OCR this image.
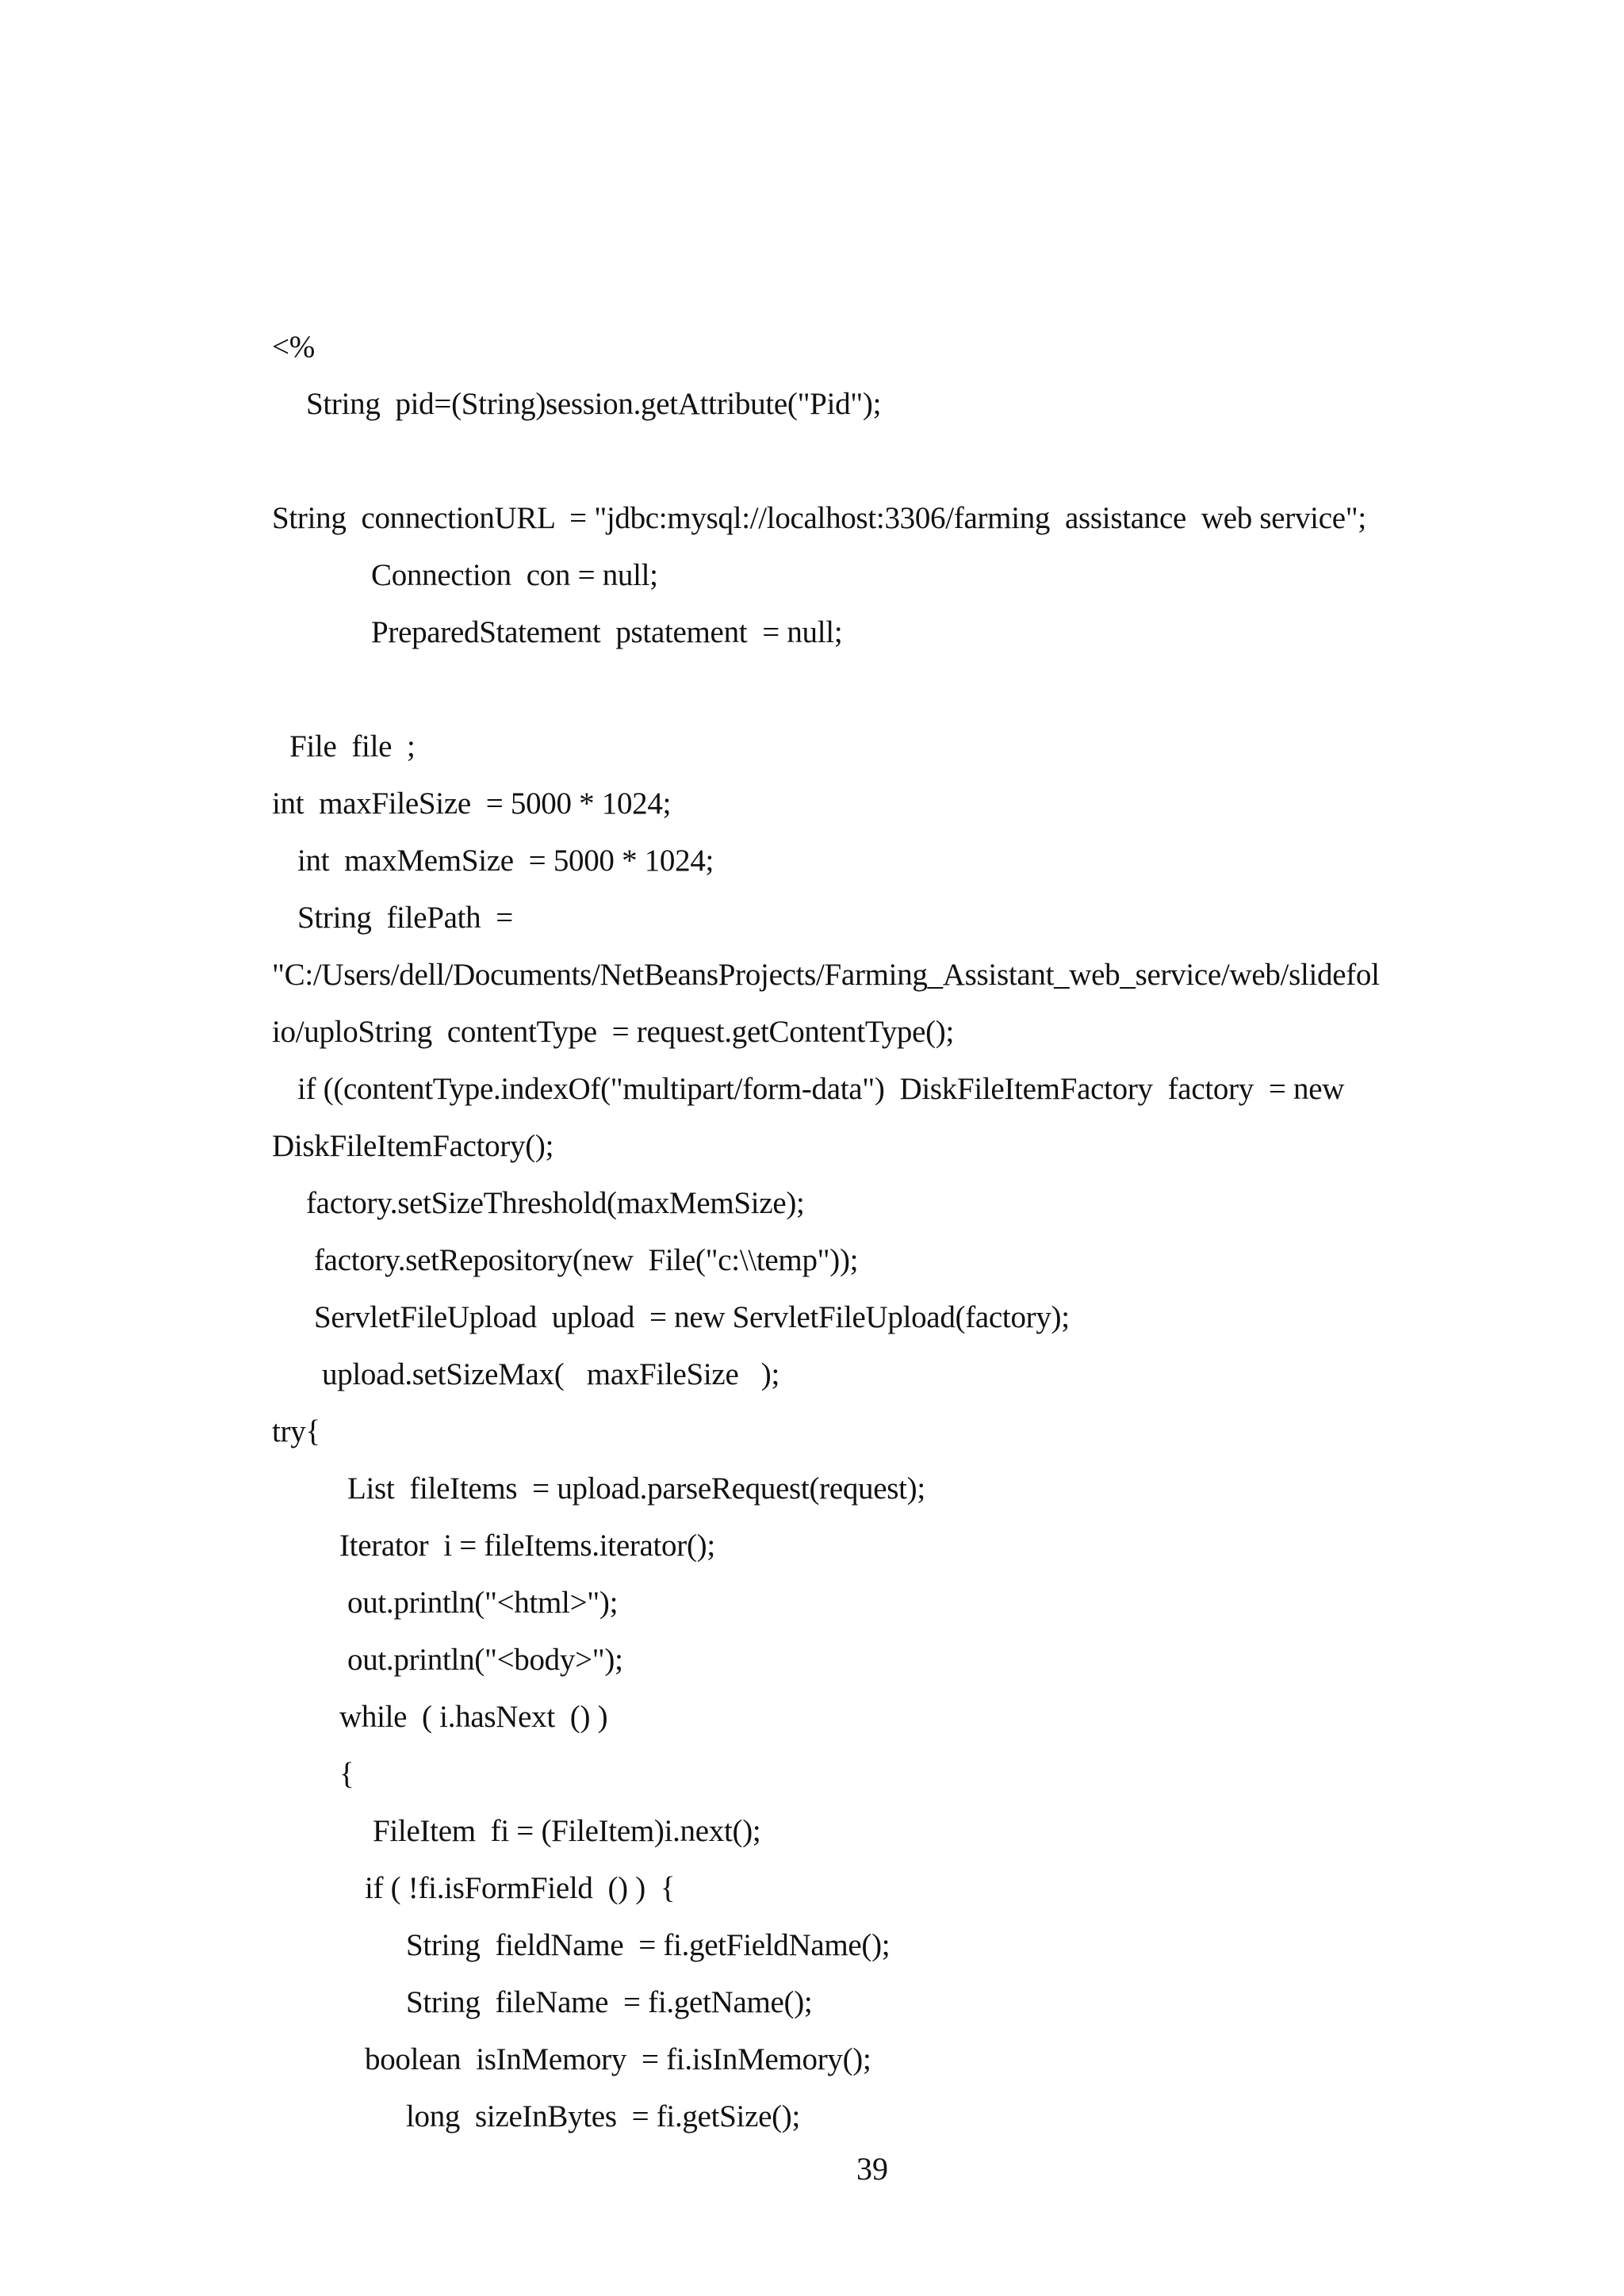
<%
String  pid=(String)session.getAttribute("Pid");
String  connectionURL  = "jdbc:mysql://localhost:3306/farming  assistance  web service";
Connection  con = null;
PreparedStatement  pstatement  = null;
File  file  ;
int  maxFileSize  = 5000 * 1024;
int  maxMemSize  = 5000 * 1024;
String  filePath  =
"C:/Users/dell/Documents/NetBeansProjects/Farming_Assistant_web_service/web/slidefol
io/uploString  contentType  = request.getContentType();
if ((contentType.indexOf("multipart/form-data")  DiskFileItemFactory  factory  = new
DiskFileItemFactory();
factory.setSizeThreshold(maxMemSize);
factory.setRepository(new  File("c:\\temp"));
ServletFileUpload  upload  = new ServletFileUpload(factory);
upload.setSizeMax(   maxFileSize   );
try{
List  fileItems  = upload.parseRequest(request);
Iterator  i = fileItems.iterator();
out.println("<html>");
out.println("<body>");
while  ( i.hasNext  () )
{
FileItem  fi = (FileItem)i.next();
if ( !fi.isFormField  () )  {
String  fieldName  = fi.getFieldName();
String  fileName  = fi.getName();
boolean  isInMemory  = fi.isInMemory();
long  sizeInBytes  = fi.getSize();
39
